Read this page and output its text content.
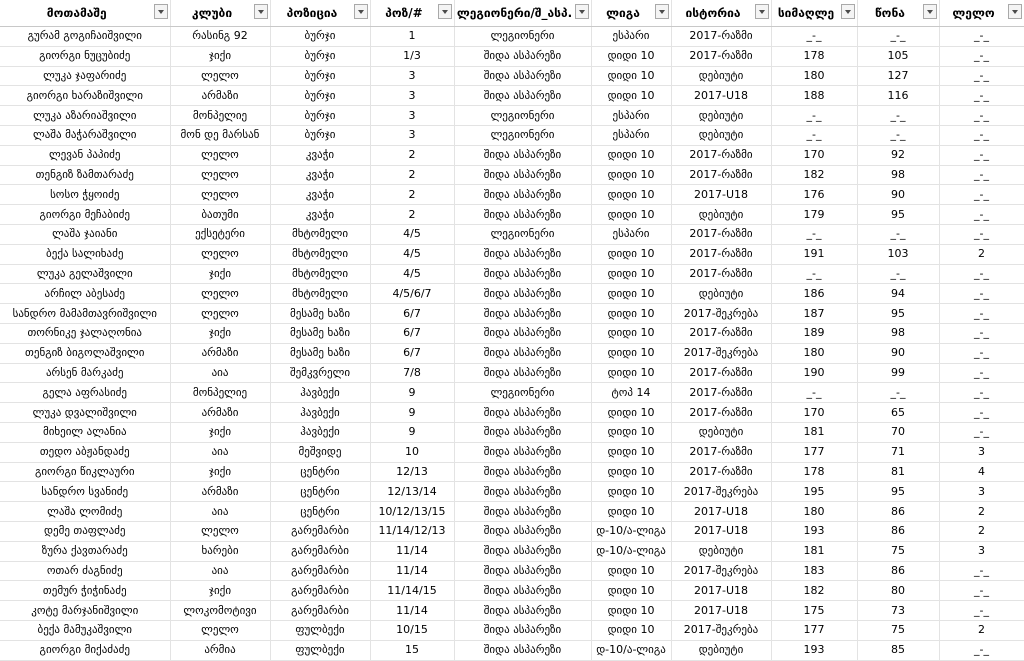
მოთამაშე	კლუბი	პოზიცია	პოზ/#	ლეგიონერი/შ_ასპ.	ლიგა	ისტორია	სიმაღლე	წონა	ლელო

გურამ გოგიჩაიშვილი	რასინგ 92	ბურჯი	1	ლეგიონერი	ესპარი	2017-რაზმი	_-_	_-_	_-_
გიორგი ნუცუბიძე	ჯიქი	ბურჯი	1/3	შიდა ასპარეზი	დიდი 10	2017-რაზმი	178	105	_-_
ლუკა ჯაფარიძე	ლელო	ბურჯი	3	შიდა ასპარეზი	დიდი 10	დებიუტი	180	127	_-_
გიორგი ხარაზიშვილი	არმაზი	ბურჯი	3	შიდა ასპარეზი	დიდი 10	2017-U18	188	116	_-_
ლუკა აზარიაშვილი	მონპელიე	ბურჯი	3	ლეგიონერი	ესპარი	დებიუტი	_-_	_-_	_-_
ლაშა მაჭარაშვილი	მონ დე მარსან	ბურჯი	3	ლეგიონერი	ესპარი	დებიუტი	_-_	_-_	_-_
ლევან პაპიძე	ლელო	კვაჭი	2	შიდა ასპარეზი	დიდი 10	2017-რაზმი	170	92	_-_
თენგიზ ზამთარაძე	ლელო	კვაჭი	2	შიდა ასპარეზი	დიდი 10	2017-რაზმი	182	98	_-_
სოსო ჭყოიძე	ლელო	კვაჭი	2	შიდა ასპარეზი	დიდი 10	2017-U18	176	90	_-_
გიორგი მეჩაბიძე	ბათუმი	კვაჭი	2	შიდა ასპარეზი	დიდი 10	დებიუტი	179	95	_-_
ლაშა ჯაიანი	ექსეტერი	მხტომელი	4/5	ლეგიონერი	ესპარი	2017-რაზმი	_-_	_-_	_-_
ბექა სალიხაძე	ლელო	მხტომელი	4/5	შიდა ასპარეზი	დიდი 10	2017-რაზმი	191	103	2
ლუკა გელაშვილი	ჯიქი	მხტომელი	4/5	შიდა ასპარეზი	დიდი 10	2017-რაზმი	_-_	_-_	_-_
არჩილ აბესაძე	ლელო	მხტომელი	4/5/6/7	შიდა ასპარეზი	დიდი 10	დებიუტი	186	94	_-_
სანდრო მამამთავრიშვილი	ლელო	მესამე ხაზი	6/7	შიდა ასპარეზი	დიდი 10	2017-შეკრება	187	95	_-_
თორნიკე ჯალაღონია	ჯიქი	მესამე ხაზი	6/7	შიდა ასპარეზი	დიდი 10	2017-რაზმი	189	98	_-_
თენგიზ ბიგოლაშვილი	არმაზი	მესამე ხაზი	6/7	შიდა ასპარეზი	დიდი 10	2017-შეკრება	180	90	_-_
არსენ მარკაძე	აია	შემკვრელი	7/8	შიდა ასპარეზი	დიდი 10	2017-რაზმი	190	99	_-_
გელა აფრასიძე	მონპელიე	ჰავბექი	9	ლეგიონერი	ტოპ 14	2017-რაზმი	_-_	_-_	_-_
ლუკა დვალიშვილი	არმაზი	ჰავბექი	9	შიდა ასპარეზი	დიდი 10	2017-რაზმი	170	65	_-_
მიხეილ ალანია	ჯიქი	ჰავბექი	9	შიდა ასპარეზი	დიდი 10	დებიუტი	181	70	_-_
თედო აბჟანდაძე	აია	მეშვიდე	10	შიდა ასპარეზი	დიდი 10	2017-რაზმი	177	71	3
გიორგი წიკლაური	ჯიქი	ცენტრი	12/13	შიდა ასპარეზი	დიდი 10	2017-რაზმი	178	81	4
სანდრო სვანიძე	არმაზი	ცენტრი	12/13/14	შიდა ასპარეზი	დიდი 10	2017-შეკრება	195	95	3
ლაშა ლომიძე	აია	ცენტრი	10/12/13/15	შიდა ასპარეზი	დიდი 10	2017-U18	180	86	2
დემე თაფლაძე	ლელო	გარემარბი	11/14/12/13	შიდა ასპარეზი	დ-10/ა-ლიგა	2017-U18	193	86	2
ზურა ქავთარაძე	ხარები	გარემარბი	11/14	შიდა ასპარეზი	დ-10/ა-ლიგა	დებიუტი	181	75	3
ოთარ ძაგნიძე	აია	გარემარბი	11/14	შიდა ასპარეზი	დიდი 10	2017-შეკრება	183	86	_-_
თემურ ჭიჭინაძე	ჯიქი	გარემარბი	11/14/15	შიდა ასპარეზი	დიდი 10	2017-U18	182	80	_-_
კოტე მარჯანიშვილი	ლოკომოტივი	გარემარბი	11/14	შიდა ასპარეზი	დიდი 10	2017-U18	175	73	_-_
ბექა მამუკაშვილი	ლელო	ფულბექი	10/15	შიდა ასპარეზი	დიდი 10	2017-შეკრება	177	75	2
გიორგი მიქაძაძე	არმია	ფულბექი	15	შიდა ასპარეზი	დ-10/ა-ლიგა	დებიუტი	193	85	_-_
